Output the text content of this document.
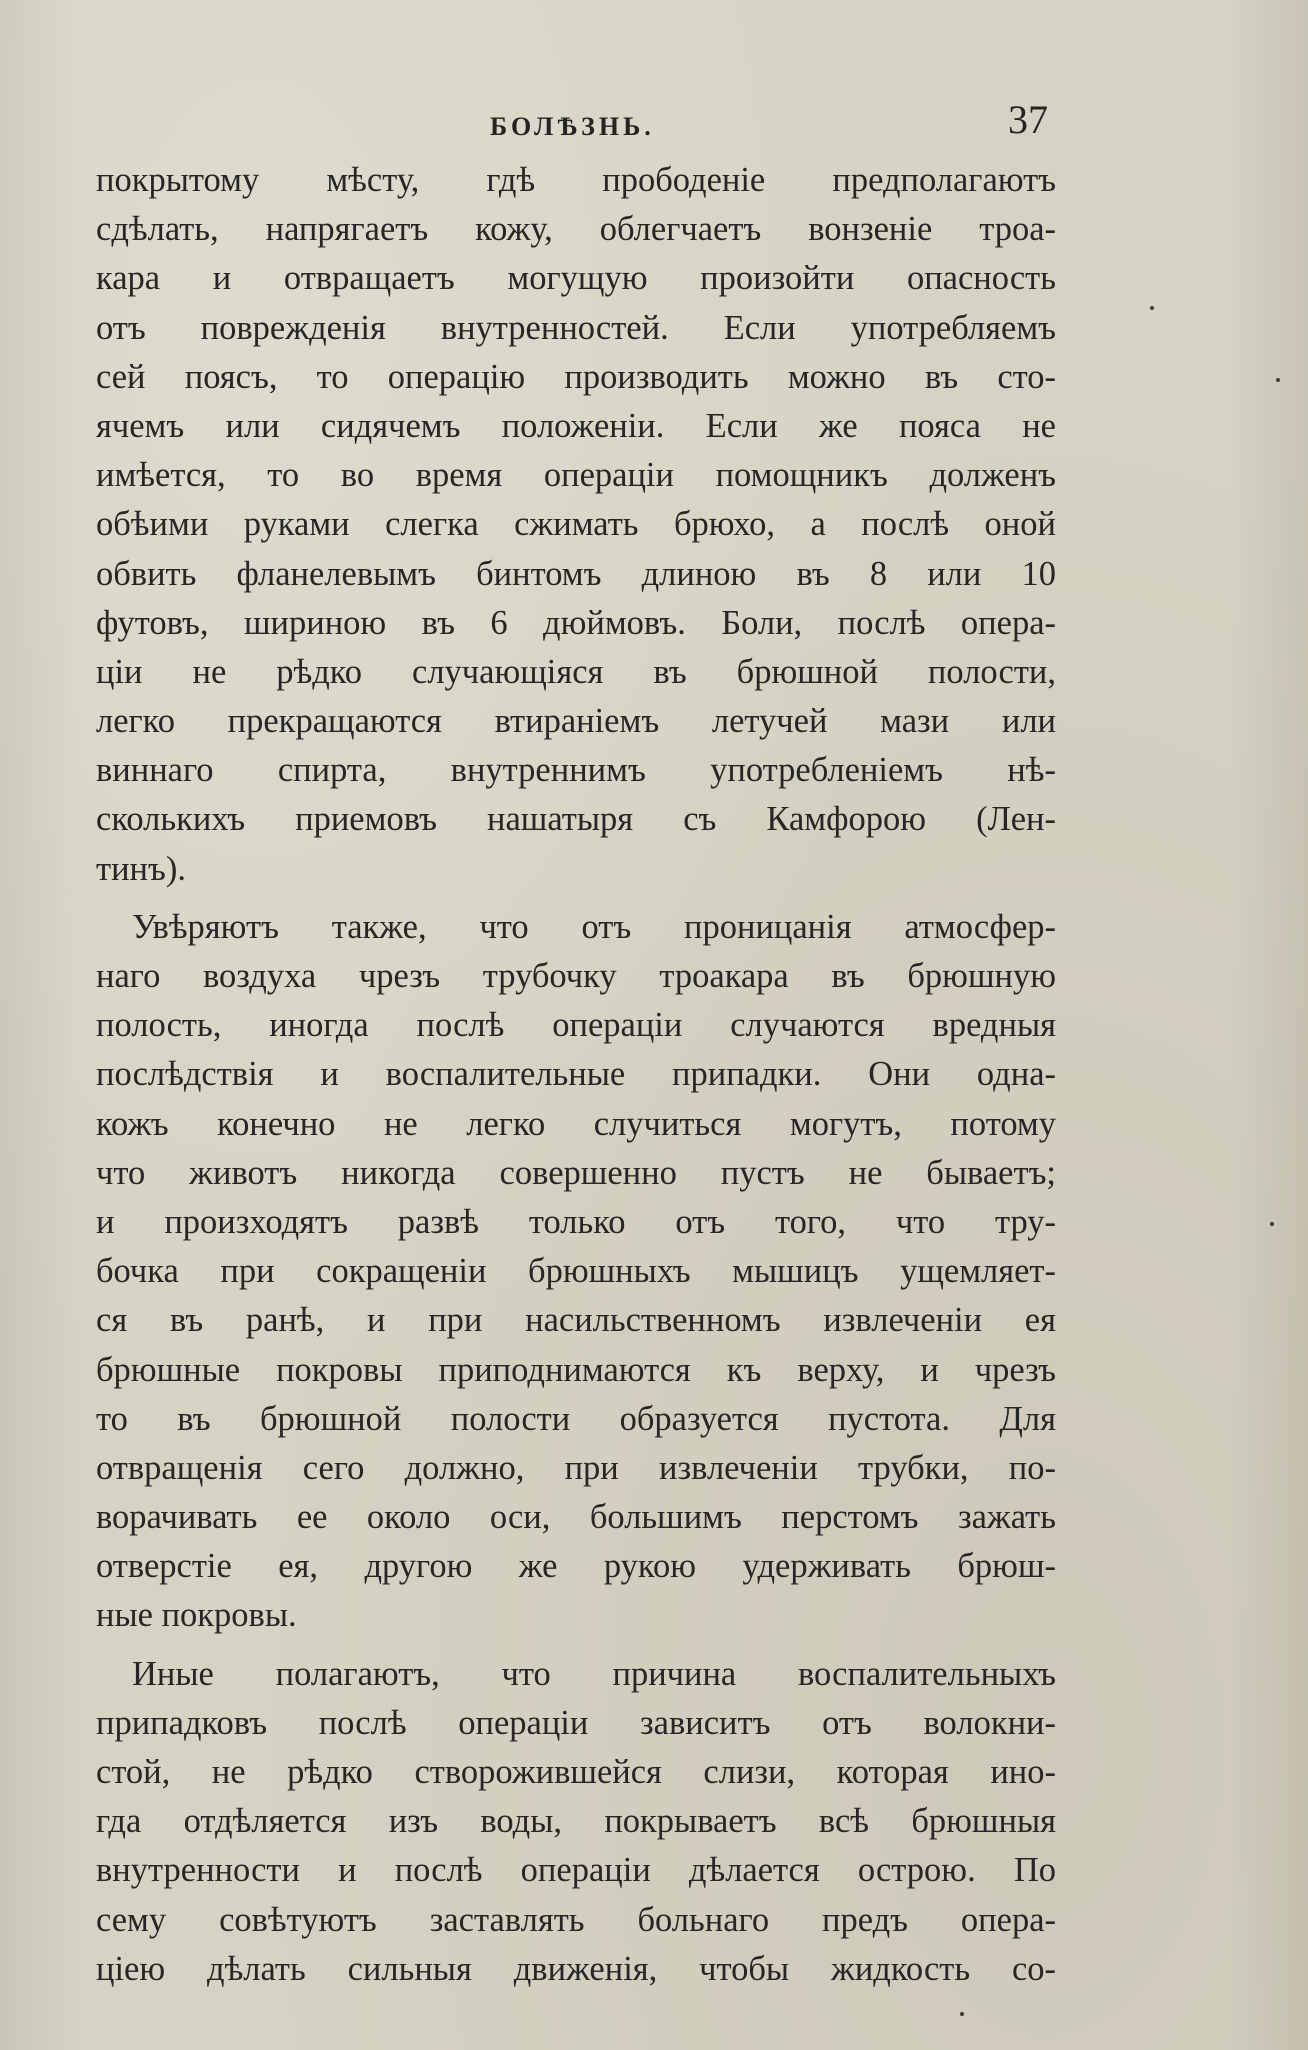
БОЛѢЗНЬ.	37
покрытому мѣсту, гдѣ прободеніе предполагаютъ
сдѣлать, напрягаетъ кожу, облегчаетъ вонзеніе троа-
кара и отвращаетъ могущую произойти опасность
отъ поврежденія внутренностей. Если употребляемъ
сей поясъ, то операцію производить можно въ сто-
ячемъ или сидячемъ положеніи. Если же пояса не
имѣется, то во время операціи помощникъ долженъ
обѣими руками слегка сжимать брюхо, а послѣ оной
обвить фланелевымъ бинтомъ длиною въ 8 или 10
футовъ, шириною въ 6 дюймовъ. Боли, послѣ опера-
ціи не рѣдко случающіяся въ брюшной полости,
легко прекращаются втираніемъ летучей мази или
виннаго спирта, внутреннимъ употребленіемъ нѣ-
сколькихъ приемовъ нашатыря съ Камфорою (Лен-
тинъ).
Увѣряютъ также, что отъ проницанія атмосфер-
наго воздуха чрезъ трубочку троакара въ брюшную
полость, иногда послѣ операціи случаются вредныя
послѣдствія и воспалительные припадки. Они одна-
кожъ конечно не легко случиться могутъ, потому
что животъ никогда совершенно пустъ не бываетъ;
и произходятъ развѣ только отъ того, что тру-
бочка при сокращеніи брюшныхъ мышицъ ущемляет-
ся въ ранѣ, и при насильственномъ извлеченіи ея
брюшные покровы приподнимаются къ верху, и чрезъ
то въ брюшной полости образуется пустота. Для
отвращенія сего должно, при извлеченіи трубки, по-
ворачивать ее около оси, большимъ перстомъ зажать
отверстіе ея, другою же рукою удерживать брюш-
ные покровы.
Иные полагаютъ, что причина воспалительныхъ
припадковъ послѣ операціи зависитъ отъ волокни-
стой, не рѣдко створожившейся слизи, которая ино-
гда отдѣляется изъ воды, покрываетъ всѣ брюшныя
внутренности и послѣ операціи дѣлается острою. По
сему совѣтуютъ заставлять больнаго предъ опера-
ціею дѣлать сильныя движенія, чтобы жидкость со-
